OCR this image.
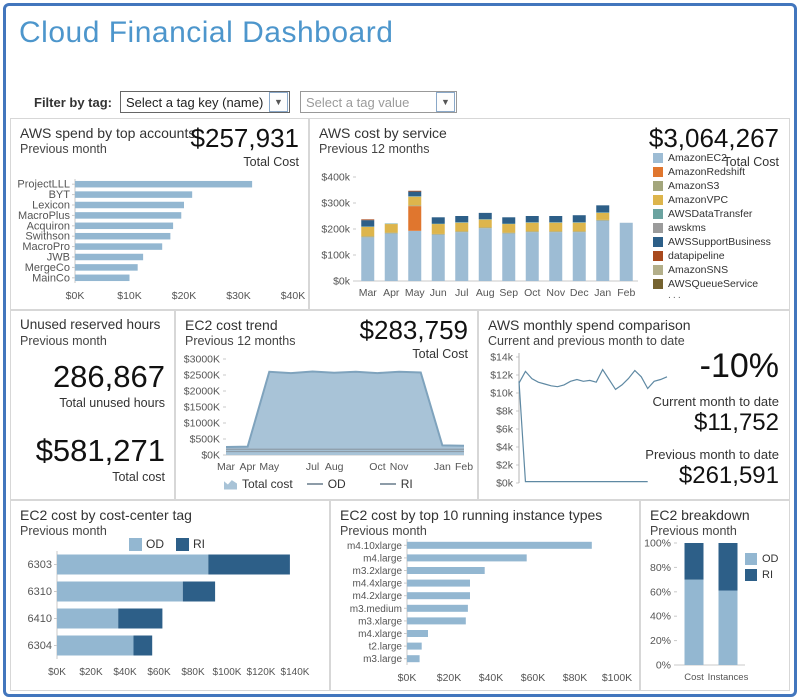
Cloud Financial Dashboard
Filter by tag: Select a tag key (name)	▼	Select a tag value	▼
AWS spend by top accounts
Previous month	$257,931
Total Cost
ProjectLLL
BYT
Lexicon
MacroPlus
Acquiron
Swithson
MacroPro
JWB
MergeCo
MainCo
$0K	$10K	$20K	$30K	$40K
AWS cost by service
Previous 12 months	$3,064,267
Total Cost
$0k
$100k
$200k
$300k
$400k
Mar Apr May Jun Jul Aug Sep Oct Nov Dec Jan Feb
AmazonEC2
AmazonRedshift
AmazonS3
AmazonVPC
AWSDataTransfer
awskms
AWSSupportBusiness
datapipeline
AmazonSNS
AWSQueueService
...
Unused reserved hours
Previous month
286,867
Total unused hours
$581,271
Total cost
EC2 cost trend
Previous 12 months $283,759
Total Cost
$0K
$500K
$1000K
$1500K
$2000K
$2500K
$3000K
Mar Apr May	Jul Aug Oct Nov Jan Feb
Total cost	OD	RI
AWS monthly spend comparison
Current and previous month to date
$0k
$2k
$4k
$6k
$8k
$10k
$12k
$14k	-10%
Current month to date
$11,752
Previous month to date
$261,591
EC2 cost by cost-center tag
Previous month
OD RI
6303
6310
6410
6304
$0K $20K $40K $60K $80K $100K $120K $140K
EC2 cost by top 10 running instance types
Previous month
m4.10xlarge
m4.large
m3.2xlarge
m4.4xlarge
m4.2xlarge
m3.medium
m3.xlarge
m4.xlarge
t2.large
m3.large
$0K $20K $40K $60K $80K $100K
EC2 breakdown
Previous month
0%
20%
40%
60%
80%
100%
Cost Instances
OD
RI
